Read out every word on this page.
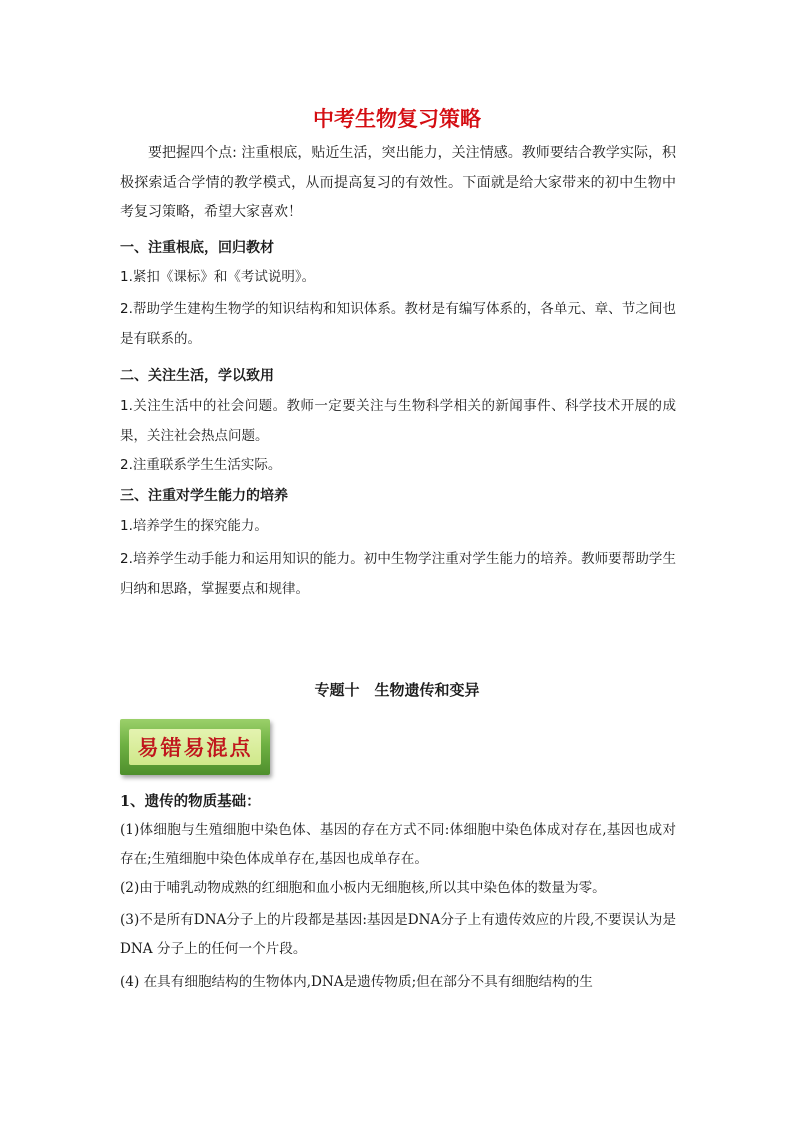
中考生物复习策略

要把握四个点: 注重根底，贴近生活，突出能力，关注情感。教师要结合教学实际，积极探索适合学情的教学模式，从而提高复习的有效性。下面就是给大家带来的初中生物中考复习策略，希望大家喜欢！

一、注重根底，回归教材

1.紧扣《课标》和《考试说明》。

2.帮助学生建构生物学的知识结构和知识体系。教材是有编写体系的，各单元、章、节之间也是有联系的。

二、关注生活，学以致用

1.关注生活中的社会问题。教师一定要关注与生物科学相关的新闻事件、科学技术开展的成果，关注社会热点问题。

2.注重联系学生生活实际。

三、注重对学生能力的培养

1.培养学生的探究能力。

2.培养学生动手能力和运用知识的能力。初中生物学注重对学生能力的培养。教师要帮助学生归纳和思路，掌握要点和规律。

专题十　生物遗传和变异
易错易混点
1、遗传的物质基础：

(1)体细胞与生殖细胞中染色体、基因的存在方式不同:体细胞中染色体成对存在,基因也成对存在;生殖细胞中染色体成单存在,基因也成单存在。

(2)由于哺乳动物成熟的红细胞和血小板内无细胞核,所以其中染色体的数量为零。

(3)不是所有DNA分子上的片段都是基因:基因是DNA分子上有遗传效应的片段,不要误认为是 DNA 分子上的任何一个片段。

(4) 在具有细胞结构的生物体内,DNA是遗传物质;但在部分不具有细胞结构的生
